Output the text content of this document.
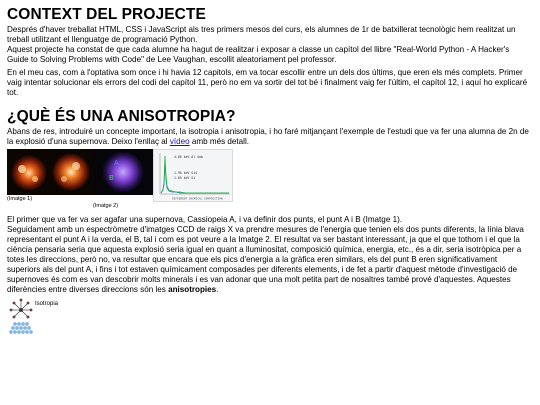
CONTEXT DEL PROJECTE

Després d'haver treballat HTML, CSS i JavaScript als tres primers mesos del curs, els alumnes de 1r de batxillerat tecnològic hem realitzat un treball utilitzant el llenguatge de programació Python.

Aquest projecte ha constat de que cada alumne ha hagut de realitzar i exposar a classe un capítol del llibre "Real-World Python - A Hacker's Guide to Solving Problems with Code" de Lee Vaughan, escollit aleatoriament pel professor.

En el meu cas, com a l'optativa som once i hi havia 12 capitols, em va tocar escollir entre un dels dos últims, que eren els més complets. Primer vaig intentar solucionar els errors del codi del capítol 11, però no em va sortir del tot bé i finalment vaig fer l'últim, el capítol 12, i aquí ho explicaré tot.

¿QUÈ ÉS UNA ANISOTROPIA?

Abans de res, introduiré un concepte important, la isotropia i anisotropia, i ho faré mitjançant l'exemple de l'estudi que va fer una alumna de 2n de la explosió d'una supernova. Deixo l'enllaç al vídeo amb més detall.

(Imatge 1)
A
B
4.86 keV Al 4ab
1.96 keV Si4
1.85 keV Si
DIFFERENT CHEMICAL COMPOSITION
(Imatge 2)

El primer que va fer va ser agafar una supernova, Cassiopeia A, i va definir dos punts, el punt A i B (Imatge 1).

Seguidament amb un espectròmetre d'imatges CCD de raigs X va prendre mesures de l'energia que tenien els dos punts diferents, la línia blava representant el punt A i la verda, el B, tal i com es pot veure a la Imatge 2. El resultat va ser bastant interessant, ja que el que tothom i el que la ciència pensaria seria que aquesta explosió seria igual en quant a lluminositat, composició química, energia, etc., és a dir, seria isotròpica per a totes les direccions, però no, va resultar que encara que els pics d'energia a la gràfica eren similars, els del punt B eren significativament superiors als del punt A, i fins i tot estaven químicament composades per diferents elements, i de fet a partir d'aquest mètode d'investigació de supernoves és com es van descobrir molts minerals i es van adonar que una molt petita part de nosaltres també prové d'aquestes. Aquestes diferències entre diverses direccions són les anisotropies.

Isotropia
